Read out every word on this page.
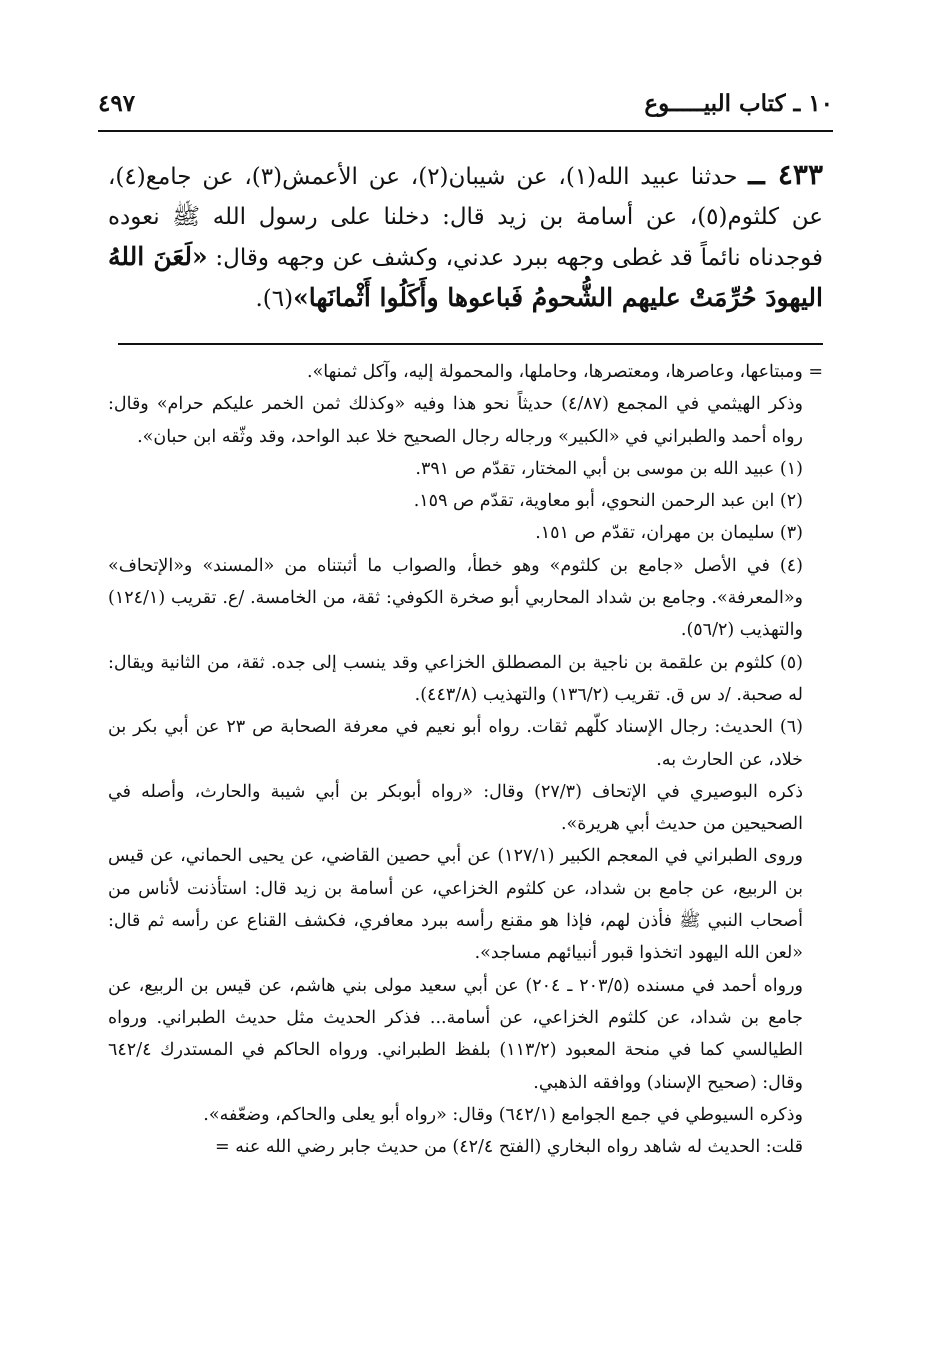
١٠ ـ كتاب البيـــــوع
٤٩٧
٤٣٣ ــ حدثنا عبيد الله(١)، عن شيبان(٢)، عن الأعمش(٣)، عن جامع(٤)، عن كلثوم(٥)، عن أسامة بن زيد قال: دخلنا على رسول الله ﷺ نعوده فوجدناه نائماً قد غطى وجهه ببرد عدني، وكشف عن وجهه وقال: «لَعَنَ اللهُ اليهودَ حُرِّمَتْ عليهم الشُّحومُ فَباعوها وأَكَلُوا أَثْمانَها»(٦).

= ومبتاعها، وعاصرها، ومعتصرها، وحاملها، والمحمولة إليه، وآكل ثمنها».

وذكر الهيثمي في المجمع (٤/٨٧) حديثاً نحو هذا وفيه «وكذلك ثمن الخمر عليكم حرام» وقال: رواه أحمد والطبراني في «الكبير» ورجاله رجال الصحيح خلا عبد الواحد، وقد وثّقه ابن حبان».

(١) عبيد الله بن موسى بن أبي المختار، تقدّم ص ٣٩١.

(٢) ابن عبد الرحمن النحوي، أبو معاوية، تقدّم ص ١٥٩.

(٣) سليمان بن مهران، تقدّم ص ١٥١.

(٤) في الأصل «جامع بن كلثوم» وهو خطأ، والصواب ما أثبتناه من «المسند» و«الإتحاف» و«المعرفة». وجامع بن شداد المحاربي أبو صخرة الكوفي: ثقة، من الخامسة. /ع. تقريب (١٢٤/١) والتهذيب (٥٦/٢).

(٥) كلثوم بن علقمة بن ناجية بن المصطلق الخزاعي وقد ينسب إلى جده. ثقة، من الثانية ويقال: له صحبة. /د س ق. تقريب (١٣٦/٢) والتهذيب (٤٤٣/٨).

(٦) الحديث: رجال الإسناد كلّهم ثقات. رواه أبو نعيم في معرفة الصحابة ص ٢٣ عن أبي بكر بن خلاد، عن الحارث به.

ذكره البوصيري في الإتحاف (٢٧/٣) وقال: «رواه أبوبكر بن أبي شيبة والحارث، وأصله في الصحيحين من حديث أبي هريرة».

وروى الطبراني في المعجم الكبير (١٢٧/١) عن أبي حصين القاضي، عن يحيى الحماني، عن قيس بن الربيع، عن جامع بن شداد، عن كلثوم الخزاعي، عن أسامة بن زيد قال: استأذنت لأناس من أصحاب النبي ﷺ فأذن لهم، فإذا هو مقنع رأسه ببرد معافري، فكشف القناع عن رأسه ثم قال: «لعن الله اليهود اتخذوا قبور أنبيائهم مساجد».

ورواه أحمد في مسنده (٢٠٣/٥ ـ ٢٠٤) عن أبي سعيد مولى بني هاشم، عن قيس بن الربيع، عن جامع بن شداد، عن كلثوم الخزاعي، عن أسامة... فذكر الحديث مثل حديث الطبراني. ورواه الطيالسي كما في منحة المعبود (١١٣/٢) بلفظ الطبراني. ورواه الحاكم في المستدرك ٦٤٢/٤ وقال: (صحيح الإسناد) ووافقه الذهبي.

وذكره السيوطي في جمع الجوامع (٦٤٢/١) وقال: «رواه أبو يعلى والحاكم، وضعّفه».

قلت: الحديث له شاهد رواه البخاري (الفتح ٤٢/٤) من حديث جابر رضي الله عنه =
